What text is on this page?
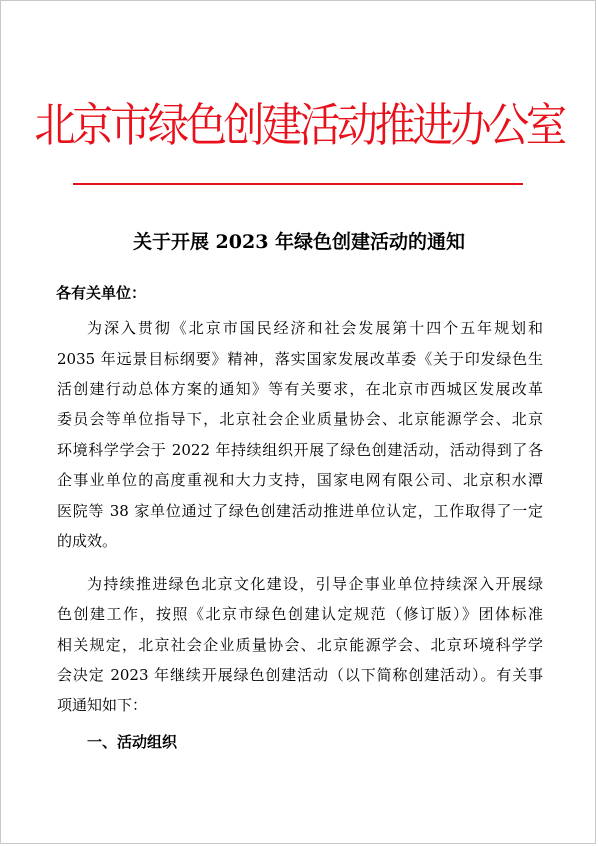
北京市绿色创建活动推进办公室
关于开展 2023 年绿色创建活动的通知
各有关单位：
为深入贯彻《北京市国民经济和社会发展第十四个五年规划和
2035 年远景目标纲要》精神，落实国家发展改革委《关于印发绿色生
活创建行动总体方案的通知》等有关要求，在北京市西城区发展改革
委员会等单位指导下，北京社会企业质量协会、北京能源学会、北京
环境科学学会于 2022 年持续组织开展了绿色创建活动，活动得到了各
企事业单位的高度重视和大力支持，国家电网有限公司、北京积水潭
医院等 38 家单位通过了绿色创建活动推进单位认定，工作取得了一定
的成效。
为持续推进绿色北京文化建设，引导企事业单位持续深入开展绿
色创建工作，按照《北京市绿色创建认定规范（修订版）》团体标准
相关规定，北京社会企业质量协会、北京能源学会、北京环境科学学
会决定 2023 年继续开展绿色创建活动（以下简称创建活动）。有关事
项通知如下：
一、活动组织
